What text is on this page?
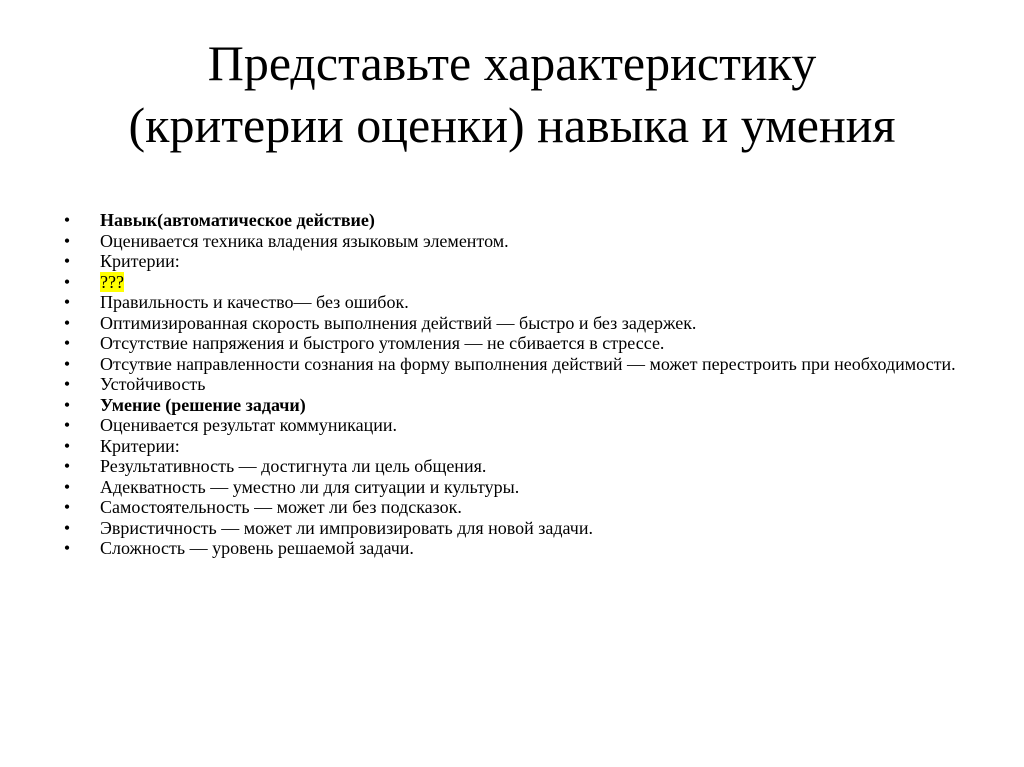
Представьте характеристику
(критерии оценки) навыка и умения
• Навык(автоматическое действие)
• Оценивается техника владения языковым элементом.
• Критерии:
• ???
• Правильность и качество— без ошибок.
• Оптимизированная скорость выполнения действий — быстро и без задержек.
• Отсутствие напряжения и быстрого утомления — не сбивается в стрессе.
• Отсутвие направленности сознания на форму выполнения действий — может перестроить при необходимости.
• Устойчивость
• Умение (решение задачи)
• Оценивается результат коммуникации.
• Критерии:
• Результативность — достигнута ли цель общения.
• Адекватность — уместно ли для ситуации и культуры.
• Самостоятельность — может ли без подсказок.
• Эвристичность — может ли импровизировать для новой задачи.
• Сложность — уровень решаемой задачи.
